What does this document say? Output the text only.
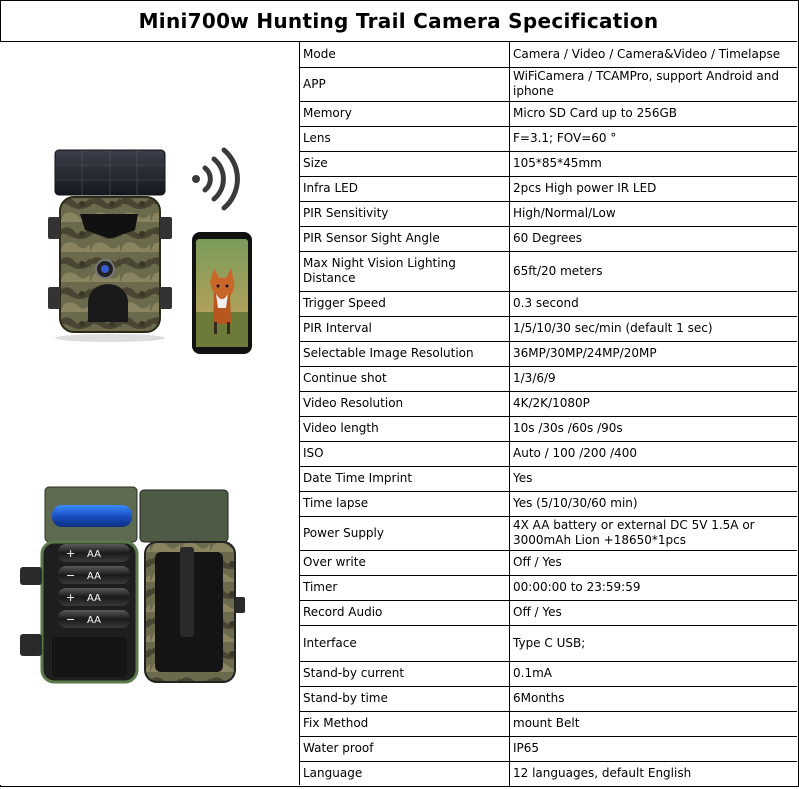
Mini700w Hunting Trail Camera Specification
AA
AA
AA
AA
+
−
+
−
Mode	Camera / Video / Camera&Video / Timelapse
APP	WiFiCamera / TCAMPro, support Android and iphone
Memory	Micro SD Card up to 256GB
Lens	F=3.1; FOV=60 °
Size	105*85*45mm
Infra LED	2pcs High power IR LED
PIR Sensitivity	High/Normal/Low
PIR Sensor Sight Angle	60 Degrees
Max Night Vision Lighting Distance	65ft/20 meters
Trigger Speed	0.3 second
PIR Interval	1/5/10/30 sec/min (default 1 sec)
Selectable Image Resolution	36MP/30MP/24MP/20MP
Continue shot	1/3/6/9
Video Resolution	4K/2K/1080P
Video length	10s /30s /60s /90s
ISO	Auto / 100 /200 /400
Date Time Imprint	Yes
Time lapse	Yes (5/10/30/60 min)
Power Supply	4X AA battery or external DC 5V 1.5A or 3000mAh Lion +18650*1pcs
Over write	Off / Yes
Timer	00:00:00 to 23:59:59
Record Audio	Off / Yes
Interface	Type C USB;
Stand-by current	0.1mA
Stand-by time	6Months
Fix Method	mount Belt
Water proof	IP65
Language	12 languages, default English
